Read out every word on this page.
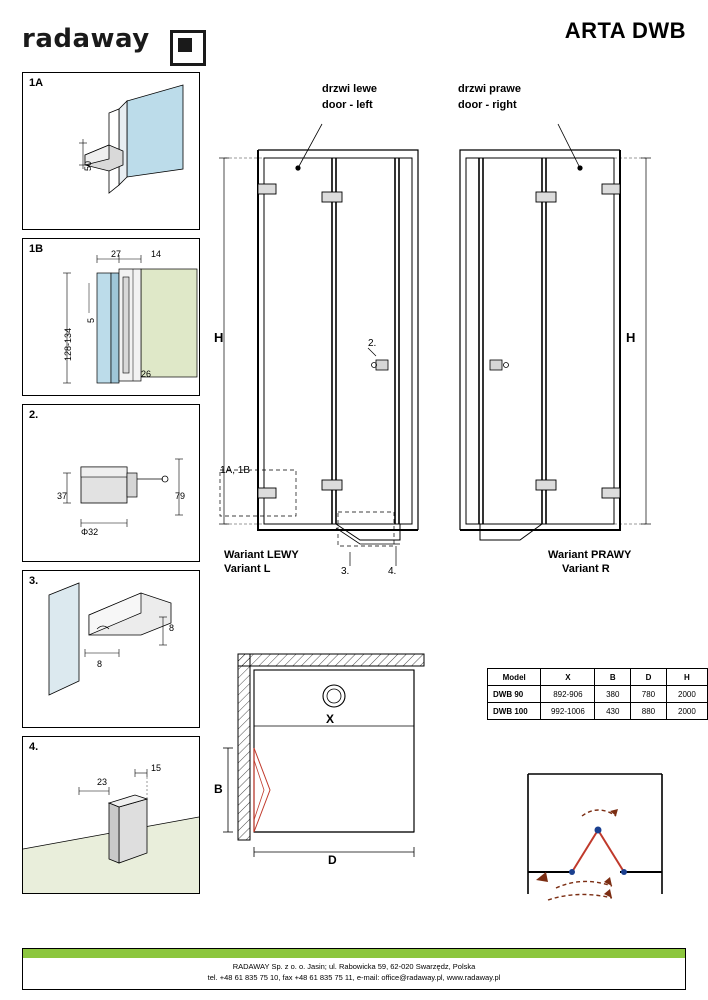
radaway	ARTA DWB
1A
50
1B	27	14
128-134
5
26
2.
37	79
Φ32
3.
8
8
4.
23
15
H
1A, 1B
2.
3.	4.
drzwi lewe
door - left
Wariant LEWY
Variant L
H
drzwi prawe
door - right
Wariant PRAWY
Variant R
X
B
D
Model	X	B	D	H
DWB 90	892-906	380	780	2000
DWB 100	992-1006	430	880	2000
RADAWAY Sp. z o. o. Jasin; ul. Rabowicka 59, 62-020 Swarzędz, Polska
tel. +48 61 835 75 10, fax +48 61 835 75 11, e-mail: office@radaway.pl, www.radaway.pl
